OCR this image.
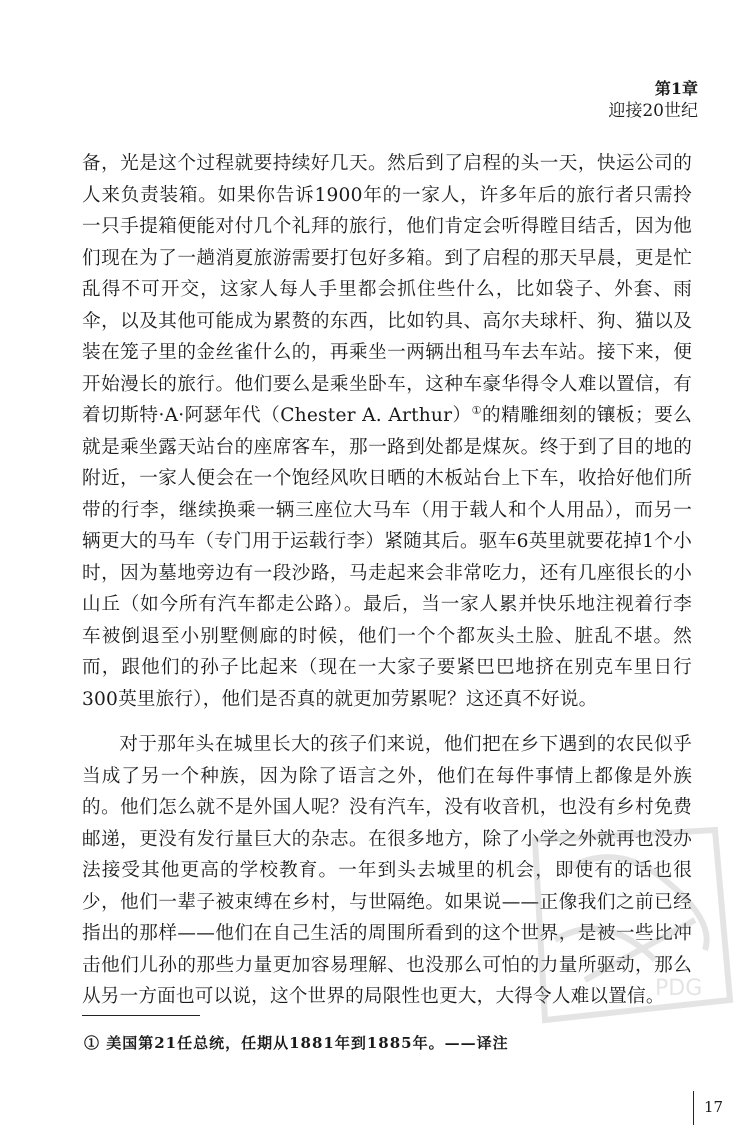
第1章
迎接20世纪

备，光是这个过程就要持续好几天。然后到了启程的头一天，快运公司的人来负责装箱。如果你告诉1900年的一家人，许多年后的旅行者只需拎一只手提箱便能对付几个礼拜的旅行，他们肯定会听得瞠目结舌，因为他们现在为了一趟消夏旅游需要打包好多箱。到了启程的那天早晨，更是忙乱得不可开交，这家人每人手里都会抓住些什么，比如袋子、外套、雨伞，以及其他可能成为累赘的东西，比如钓具、高尔夫球杆、狗、猫以及装在笼子里的金丝雀什么的，再乘坐一两辆出租马车去车站。接下来，便开始漫长的旅行。他们要么是乘坐卧车，这种车豪华得令人难以置信，有着切斯特·A·阿瑟年代（Chester A. Arthur）①的精雕细刻的镶板；要么就是乘坐露天站台的座席客车，那一路到处都是煤灰。终于到了目的地的附近，一家人便会在一个饱经风吹日晒的木板站台上下车，收拾好他们所带的行李，继续换乘一辆三座位大马车（用于载人和个人用品），而另一辆更大的马车（专门用于运载行李）紧随其后。驱车6英里就要花掉1个小时，因为墓地旁边有一段沙路，马走起来会非常吃力，还有几座很长的小山丘（如今所有汽车都走公路）。最后，当一家人累并快乐地注视着行李车被倒退至小别墅侧廊的时候，他们一个个都灰头土脸、脏乱不堪。然而，跟他们的孙子比起来（现在一大家子要紧巴巴地挤在别克车里日行300英里旅行），他们是否真的就更加劳累呢？这还真不好说。

对于那年头在城里长大的孩子们来说，他们把在乡下遇到的农民似乎当成了另一个种族，因为除了语言之外，他们在每件事情上都像是外族的。他们怎么就不是外国人呢？没有汽车，没有收音机，也没有乡村免费邮递，更没有发行量巨大的杂志。在很多地方，除了小学之外就再也没办法接受其他更高的学校教育。一年到头去城里的机会，即使有的话也很少，他们一辈子被束缚在乡村，与世隔绝。如果说——正像我们之前已经指出的那样——他们在自己生活的周围所看到的这个世界，是被一些比冲击他们儿孙的那些力量更加容易理解、也没那么可怕的力量所驱动，那么从另一方面也可以说，这个世界的局限性也更大，大得令人难以置信。

PDG
① 美国第21任总统，任期从1881年到1885年。——译注
17
